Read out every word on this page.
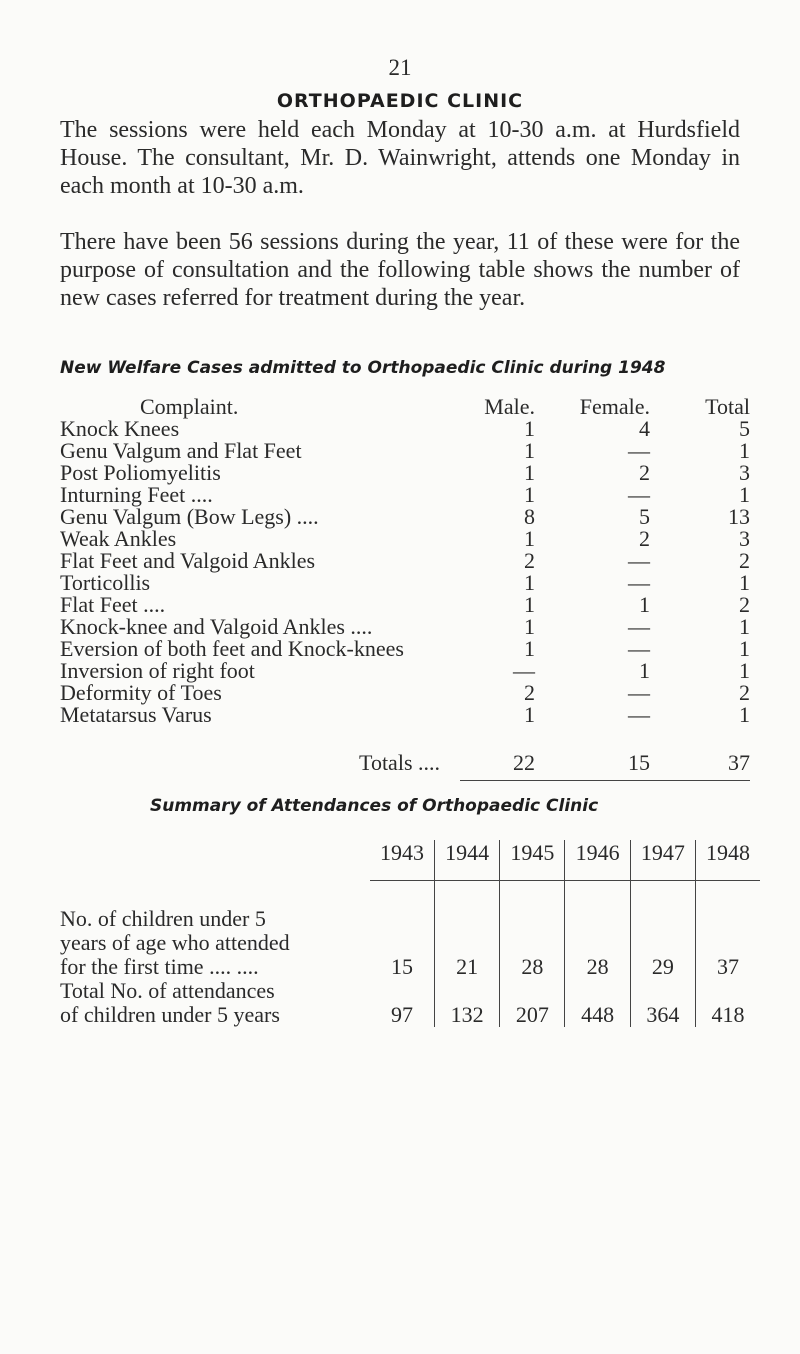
21
ORTHOPAEDIC CLINIC
The sessions were held each Monday at 10-30 a.m. at Hurdsfield House. The consultant, Mr. D. Wainwright, attends one Monday in each month at 10-30 a.m.
There have been 56 sessions during the year, 11 of these were for the purpose of consultation and the following table shows the number of new cases referred for treatment during the year.
New Welfare Cases admitted to Orthopaedic Clinic during 1948
Complaint.	Male.	Female.	Total
Knock Knees	1	4	5
Genu Valgum and Flat Feet	1	—	1
Post Poliomyelitis	1	2	3
Inturning Feet ....	1	—	1
Genu Valgum (Bow Legs) ....	8	5	13
Weak Ankles	1	2	3
Flat Feet and Valgoid Ankles	2	—	2
Torticollis	1	—	1
Flat Feet ....	1	1	2
Knock-knee and Valgoid Ankles ....	1	—	1
Eversion of both feet and Knock-knees	1	—	1
Inversion of right foot	—	1	1
Deformity of Toes	2	—	2
Metatarsus Varus	1	—	1
Totals ....	22	15	37
Summary of Attendances of Orthopaedic Clinic
	1943	1944	1945	1946	1947	1948

No. of children under 5
years of age who attended
for the first time .... ....	15	21	28	28	29	37

Total No. of attendances
of children under 5 years	97	132	207	448	364	418
